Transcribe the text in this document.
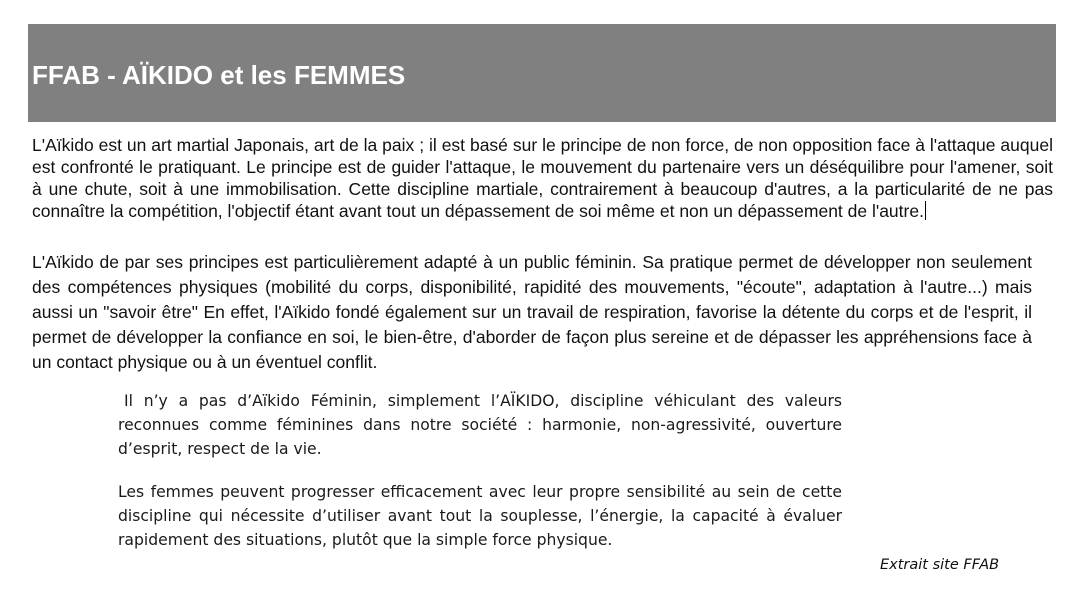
FFAB - AÏKIDO et les FEMMES

L'Aïkido est un art martial Japonais, art de la paix ; il est basé sur le principe de non force, de non opposition face à l'attaque auquel est confronté le pratiquant. Le principe est de guider l'attaque, le mouvement du partenaire vers un déséquilibre pour l'amener, soit à une chute, soit à une immobilisation. Cette discipline martiale, contrairement à beaucoup d'autres, a la particularité de ne pas connaître la compétition, l'objectif étant avant tout un dépassement de soi même et non un dépassement de l'autre.

L'Aïkido de par ses principes est particulièrement adapté à un public féminin. Sa pratique permet de développer non seulement des compétences physiques (mobilité du corps, disponibilité, rapidité des mouvements, "écoute", adaptation à l'autre...) mais aussi un "savoir être" En effet, l'Aïkido fondé également sur un travail de respiration, favorise la détente du corps et de l'esprit, il permet de développer la confiance en soi, le bien-être, d'aborder de façon plus sereine et de dépasser les appréhensions face à un contact physique ou à un éventuel conflit.

Il n’y a pas d’Aïkido Féminin, simplement l’AÏKIDO, discipline véhiculant des valeurs reconnues comme féminines dans notre société : harmonie, non-agressivité, ouverture d’esprit, respect de la vie.

Les femmes peuvent progresser efficacement avec leur propre sensibilité au sein de cette discipline qui nécessite d’utiliser avant tout la souplesse, l’énergie, la capacité à évaluer rapidement des situations, plutôt que la simple force physique.

Extrait site FFAB
